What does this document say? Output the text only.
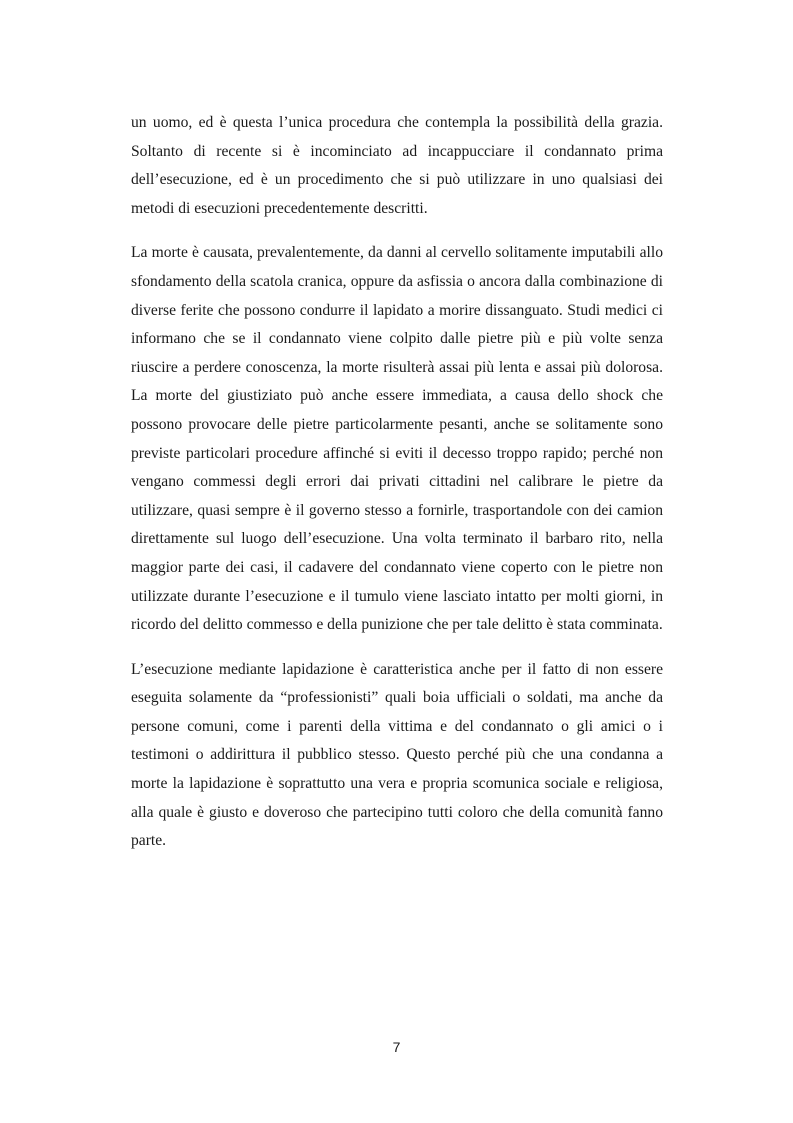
un uomo, ed è questa l’unica procedura che contempla la possibilità della grazia. Soltanto di recente si è incominciato ad incappucciare il condannato prima dell’esecuzione, ed è un procedimento che si può utilizzare in uno qualsiasi dei metodi di esecuzioni precedentemente descritti.

La morte è causata, prevalentemente, da danni al cervello solitamente imputabili allo sfondamento della scatola cranica, oppure da asfissia o ancora dalla combinazione di diverse ferite che possono condurre il lapidato a morire dissanguato. Studi medici ci informano che se il condannato viene colpito dalle pietre più e più volte senza riuscire a perdere conoscenza, la morte risulterà assai più lenta e assai più dolorosa. La morte del giustiziato può anche essere immediata, a causa dello shock che possono provocare delle pietre particolarmente pesanti, anche se solitamente sono previste particolari procedure affinché si eviti il decesso troppo rapido; perché non vengano commessi degli errori dai privati cittadini nel calibrare le pietre da utilizzare, quasi sempre è il governo stesso a fornirle, trasportandole con dei camion direttamente sul luogo dell’esecuzione. Una volta terminato il barbaro rito, nella maggior parte dei casi, il cadavere del condannato viene coperto con le pietre non utilizzate durante l’esecuzione e il tumulo viene lasciato intatto per molti giorni, in ricordo del delitto commesso e della punizione che per tale delitto è stata comminata.

L’esecuzione mediante lapidazione è caratteristica anche per il fatto di non essere eseguita solamente da “professionisti” quali boia ufficiali o soldati, ma anche da persone comuni, come i parenti della vittima e del condannato o gli amici o i testimoni o addirittura il pubblico stesso. Questo perché più che una condanna a morte la lapidazione è soprattutto una vera e propria scomunica sociale e religiosa, alla quale è giusto e doveroso che partecipino tutti coloro che della comunità fanno parte.

7
